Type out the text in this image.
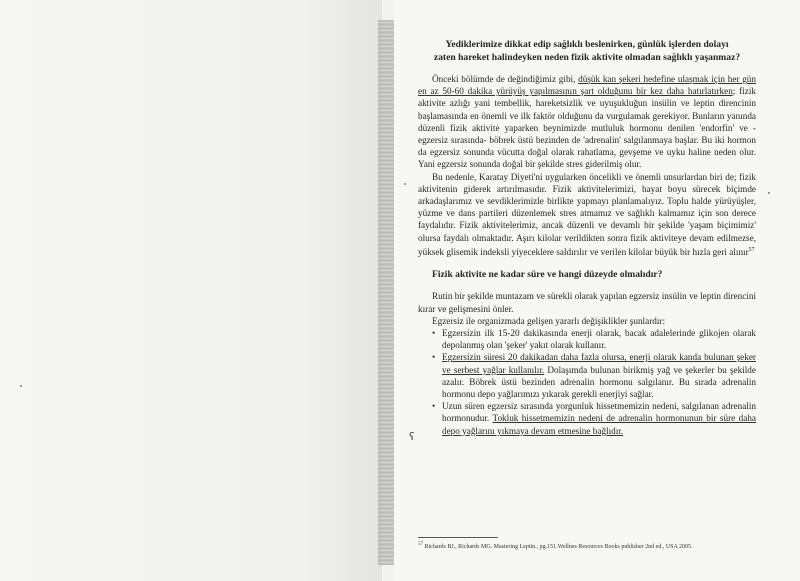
ʕ
Yediklerimize dikkat edip sağlıklı beslenirken, günlük işlerden dolayı
zaten hareket halindeyken neden fizik aktivite olmadan sağlıklı yaşanmaz?

Önceki bölümde de değindiğimiz gibi, düşük kan şekeri hedefine ulaşmak için her gün en az 50-60 dakika yürüyüş yapılmasının şart olduğunu bir kez daha hatırlatırken; fizik aktivite azlığı yani tembellik, hareketsizlik ve uyuşukluğun insülin ve leptin direncinin başlamasında en önemli ve ilk faktör olduğunu da vurgulamak gerekiyor. Bunların yanında düzenli fizik aktivite yaparken beynimizde mutluluk hormonu denilen 'endorfin' ve -egzersiz sırasında- böbrek üstü bezinden de 'adrenalin' salgılanmaya başlar. Bu iki hormon da egzersiz sonunda vücutta doğal olarak rahatlama, gevşeme ve uyku haline neden olur. Yani egzersiz sonunda doğal bir şekilde stres giderilmiş olur.

Bu nedenle, Karatay Diyeti'ni uygularken öncelikli ve önemli unsurlardan biri de; fizik aktivitenin giderek artırılmasıdır. Fizik aktivitelerimizi, hayat boyu sürecek biçimde arkadaşlarımız ve sevdiklerimizle birlikte yapmayı planlamalıyız. Toplu halde yürüyüşler, yüzme ve dans partileri düzenlemek stres atmamız ve sağlıklı kalmamız için son derece faydalıdır. Fizik aktivitelerimiz, ancak düzenli ve devamlı bir şekilde 'yaşam biçimimiz' olursa faydalı olmaktadır. Aşırı kilolar verildikten sonra fizik aktiviteye devam edilmezse, yüksek glisemik indeksli yiyeceklere saldırılır ve verilen kilolar büyük bir hızla geri alınır$^{57}$

Fizik aktivite ne kadar süre ve hangi düzeyde olmalıdır?

Rutin bir şekilde muntazam ve sürekli olarak yapılan egzersiz insülin ve leptin direncini kırar ve gelişmesini önler.

Egzersiz ile organizmada gelişen yararlı değişiklikler şunlardır:

• Egzersizin ilk 15-20 dakikasında enerji olarak, bacak adalelerinde glikojen olarak depolanmış olan 'şeker' yakıt olarak kullanır.
• Egzersizin süresi 20 dakikadan daha fazla olursa, enerji olarak kanda bulunan şeker ve serbest yağlar kullanılır. Dolaşımda bulunan birikmiş yağ ve şekerler bu şekilde azalır. Böbrek üstü bezinden adrenalin hormonu salgılanır. Bu sırada adrenalin hormonu depo yağlarımızı yıkarak gerekli enerjiyi sağlar.
• Uzun süren egzersiz sırasında yorgunluk hissetmemizin nedeni, salgılanan adrenalin hormonudur. Tokluk hissetmemizin nedeni de adrenalin hormonunun bir süre daha depo yağlarını yıkmaya devam etmesine bağlıdır.
$^{57}$ Richards BJ., Richards MG. Mastering Leptin., pg.151.Wellnes Resources Books publisher 2nd ed., USA 2005.
